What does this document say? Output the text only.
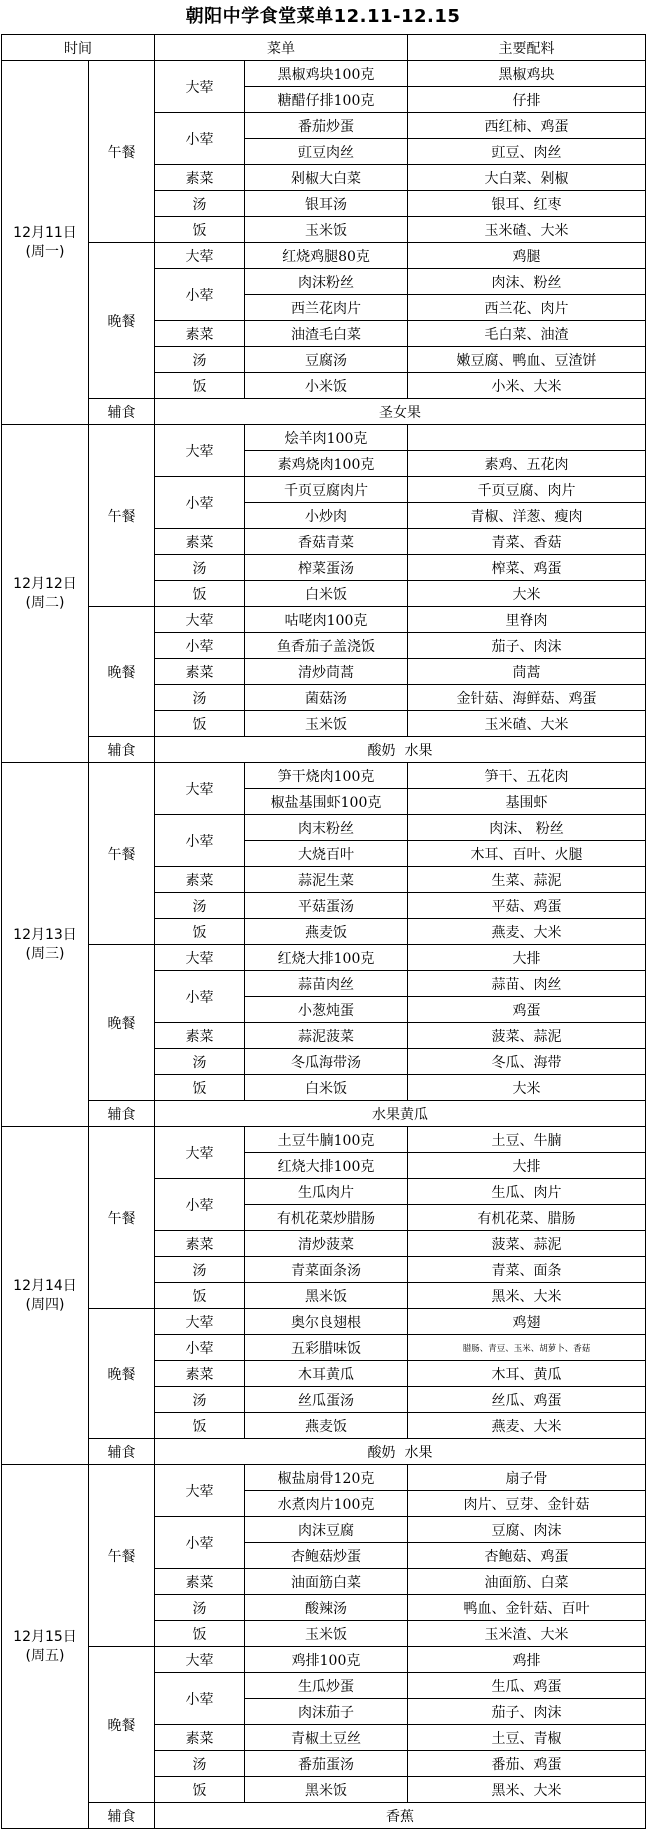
朝阳中学食堂菜单12.11-12.15
时间		菜单		主要配料

12月11日
(周一)	午餐	大荤	黑椒鸡块100克	黑椒鸡块
			糖醋仔排100克	仔排
		小荤	番茄炒蛋	西红柿、鸡蛋
			豇豆肉丝	豇豆、肉丝
		素菜	剁椒大白菜	大白菜、剁椒
		汤	银耳汤	银耳、红枣
		饭	玉米饭	玉米碴、大米
	晚餐	大荤	红烧鸡腿80克	鸡腿
		小荤	肉沫粉丝	肉沫、粉丝
			西兰花肉片	西兰花、肉片
		素菜	油渣毛白菜	毛白菜、油渣
		汤	豆腐汤	嫩豆腐、鸭血、豆渣饼
		饭	小米饭	小米、大米
	辅食	圣女果		

12月12日
(周二)	午餐	大荤	烩羊肉100克	
			素鸡烧肉100克	素鸡、五花肉
		小荤	千页豆腐肉片	千页豆腐、肉片
			小炒肉	青椒、洋葱、瘦肉
		素菜	香菇青菜	青菜、香菇
		汤	榨菜蛋汤	榨菜、鸡蛋
		饭	白米饭	大米
	晚餐	大荤	咕咾肉100克	里脊肉
		小荤	鱼香茄子盖浇饭	茄子、肉沫
		素菜	清炒茼蒿	茼蒿
		汤	菌菇汤	金针菇、海鲜菇、鸡蛋
		饭	玉米饭	玉米碴、大米
	辅食	酸奶  水果		

12月13日
(周三)	午餐	大荤	笋干烧肉100克	笋干、五花肉
			椒盐基围虾100克	基围虾
		小荤	肉末粉丝	肉沫、 粉丝
			大烧百叶	木耳、百叶、火腿
		素菜	蒜泥生菜	生菜、蒜泥
		汤	平菇蛋汤	平菇、鸡蛋
		饭	燕麦饭	燕麦、大米
	晚餐	大荤	红烧大排100克	大排
		小荤	蒜苗肉丝	蒜苗、肉丝
			小葱炖蛋	鸡蛋
		素菜	蒜泥菠菜	菠菜、蒜泥
		汤	冬瓜海带汤	冬瓜、海带
		饭	白米饭	大米
	辅食	水果黄瓜		

12月14日
(周四)	午餐	大荤	土豆牛腩100克	土豆、牛腩
			红烧大排100克	大排
		小荤	生瓜肉片	生瓜、肉片
			有机花菜炒腊肠	有机花菜、腊肠
		素菜	清炒菠菜	菠菜、蒜泥
		汤	青菜面条汤	青菜、面条
		饭	黑米饭	黑米、大米
	晚餐	大荤	奥尔良翅根	鸡翅
		小荤	五彩腊味饭	腊肠、青豆、玉米、胡萝卜、香菇
		素菜	木耳黄瓜	木耳、黄瓜
		汤	丝瓜蛋汤	丝瓜、鸡蛋
		饭	燕麦饭	燕麦、大米
	辅食	酸奶  水果		

12月15日
(周五)	午餐	大荤	椒盐扇骨120克	扇子骨
			水煮肉片100克	肉片、豆芽、金针菇
		小荤	肉沫豆腐	豆腐、肉沫
			杏鲍菇炒蛋	杏鲍菇、鸡蛋
		素菜	油面筋白菜	油面筋、白菜
		汤	酸辣汤	鸭血、金针菇、百叶
		饭	玉米饭	玉米渣、大米
	晚餐	大荤	鸡排100克	鸡排
		小荤	生瓜炒蛋	生瓜、鸡蛋
			肉沫茄子	茄子、肉沫
		素菜	青椒土豆丝	土豆、青椒
		汤	番茄蛋汤	番茄、鸡蛋
		饭	黑米饭	黑米、大米
	辅食	香蕉		
